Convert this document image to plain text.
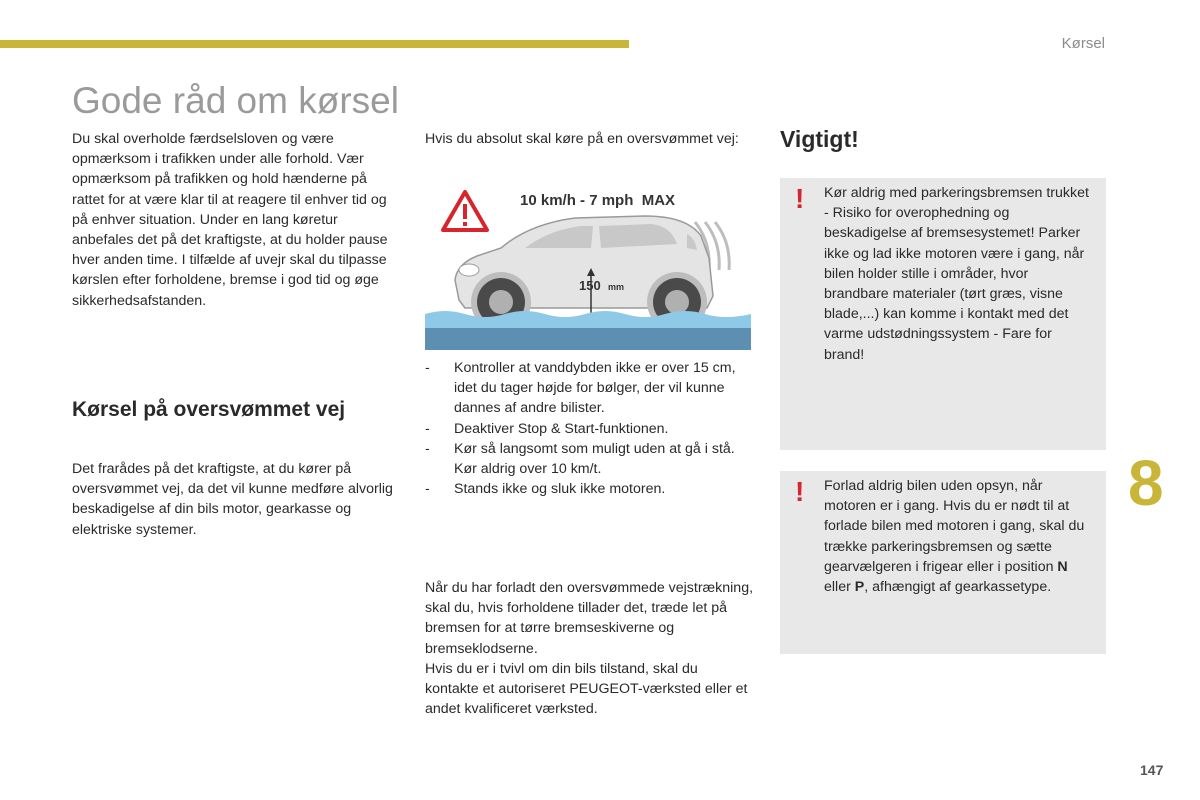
Kørsel
Gode råd om kørsel

Du skal overholde færdselsloven og være opmærksom i trafikken under alle forhold. Vær opmærksom på trafikken og hold hænderne på rattet for at være klar til at reagere til enhver tid og på enhver situation. Under en lang køretur anbefales det på det kraftigste, at du holder pause hver anden time. I tilfælde af uvejr skal du tilpasse kørslen efter forholdene, bremse i god tid og øge sikkerhedsafstanden.

Kørsel på oversvømmet vej

Det frarådes på det kraftigste, at du kører på oversvømmet vej, da det vil kunne medføre alvorlig beskadigelse af din bils motor, gearkasse og elektriske systemer.

Hvis du absolut skal køre på en oversvømmet vej:

10 km/h - 7 mph  MAX
150 mm
- Kontroller at vanddybden ikke er over 15 cm, idet du tager højde for bølger, der vil kunne dannes af andre bilister.
- Deaktiver Stop & Start-funktionen.
- Kør så langsomt som muligt uden at gå i stå. Kør aldrig over 10 km/t.
- Stands ikke og sluk ikke motoren.
Når du har forladt den oversvømmede vejstrækning, skal du, hvis forholdene tillader det, træde let på bremsen for at tørre bremseskiverne og bremseklodserne.
Hvis du er i tvivl om din bils tilstand, skal du kontakte et autoriseret PEUGEOT-værksted eller et andet kvalificeret værksted.
Vigtigt!
! Kør aldrig med parkeringsbremsen trukket - Risiko for overophedning og beskadigelse af bremsesystemet! Parker ikke og lad ikke motoren være i gang, når bilen holder stille i områder, hvor brandbare materialer (tørt græs, visne blade,...) kan komme i kontakt med det varme udstødningssystem - Fare for brand!

! Forlad aldrig bilen uden opsyn, når motoren er i gang. Hvis du er nødt til at forlade bilen med motoren i gang, skal du trække parkeringsbremsen og sætte gearvælgeren i frigear eller i position N eller P, afhængigt af gearkassetype.

8
147
